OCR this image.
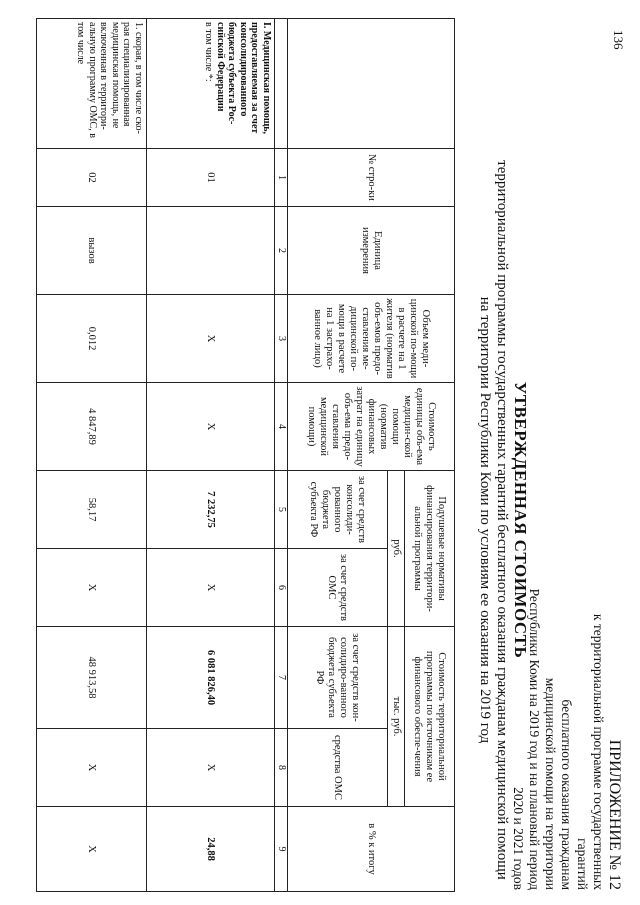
136
ПРИЛОЖЕНИЕ № 12
к территориальной программе государственных гарантий
бесплатного оказания гражданам
медицинской помощи на территории
Республики Коми на 2019 год и на плановый период 2020 и 2021 годов
УТВЕРЖДЕННАЯ СТОИМОСТЬ
территориальной программы государственных гарантий бесплатного оказания гражданам медицинской помощи
на территории Республики Коми по условиям ее оказания на 2019 год
	№ стро-ки	Единица измерения	Объем меди-цинской по-мощи в расчете на 1 жителя (норматив объ-емов предо-ставления ме-дицинской по-мощи в расчете на 1 застрахо-ванное лицо)	Стоимость единицы объ-ема медицин-ской помощи (норматив финансовых затрат на единицу объ-ема предо-ставления медицинской помощи)	Подушевые нормативы финансирования территори-альной программы		Стоимость территориальной программы по источникам ее финансового обеспе-чения		в % к итогу
					руб.		тыс. руб.		
					за счет средств консолиди-рованного бюджета субъекта РФ	за счет средств ОМС	за счет средств кон-солидиро-ванного бюджета субъекта РФ	средства ОМС	

	1	2	3	4	5	6	7	8	9
I. Медицинская помощь, предоставляемая за счет консолидированного бюджета субъекта Рос-сийской Федерации
в том числе *:	01		Х	Х	7 232,75	Х	6 081 826,40	Х	24,88
1. скорая, в том числе ско-рая специализированная медицинская помощь, не включенная в территори-альную программу ОМС, в том числе	02	вызов	0,012	4 847,89	58,17	Х	48 913,58	Х	Х
